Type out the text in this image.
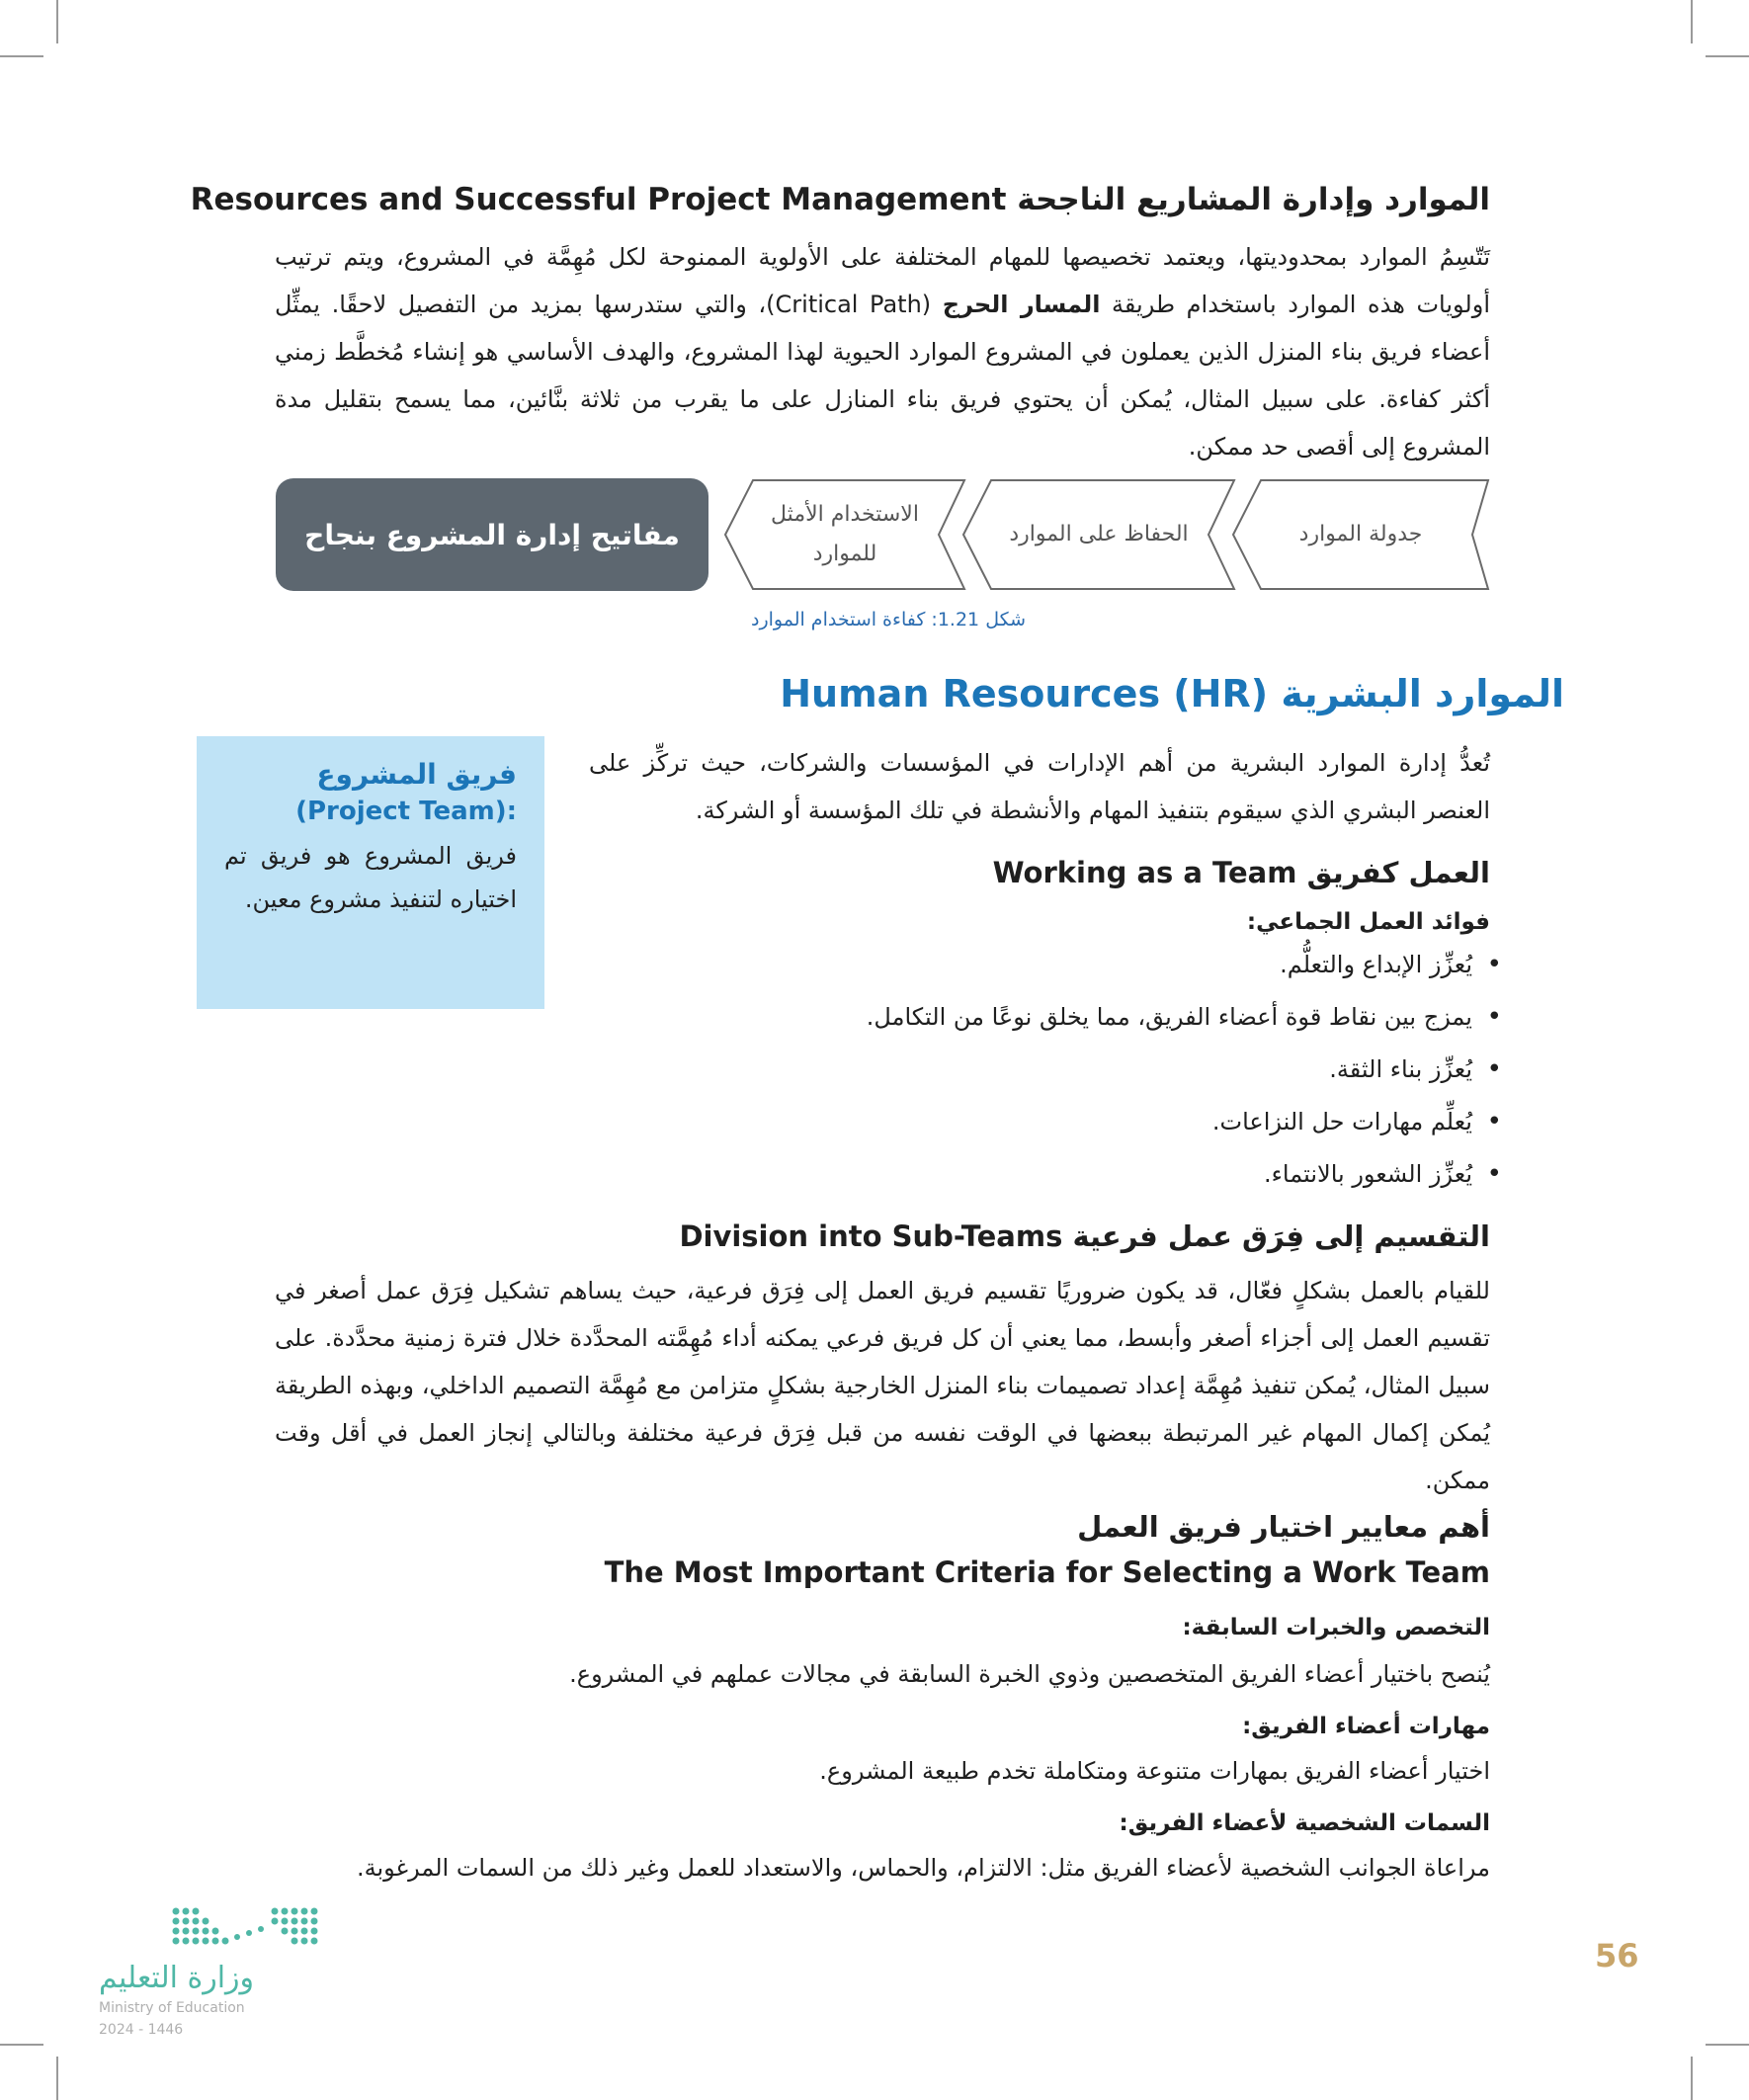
الموارد وإدارة المشاريع الناجحة Resources and Successful Project Management
تَتّسِمُ الموارد بمحدوديتها، ويعتمد تخصيصها للمهام المختلفة على الأولوية الممنوحة لكل مُهِمَّة في المشروع، ويتم ترتيب أولويات هذه الموارد باستخدام طريقة المسار الحرج (Critical Path)، والتي ستدرسها بمزيد من التفصيل لاحقًا. يمثِّل أعضاء فريق بناء المنزل الذين يعملون في المشروع الموارد الحيوية لهذا المشروع، والهدف الأساسي هو إنشاء مُخطَّط زمني أكثر كفاءة. على سبيل المثال، يُمكن أن يحتوي فريق بناء المنازل على ما يقرب من ثلاثة بنَّائين، مما يسمح بتقليل مدة المشروع إلى أقصى حد ممكن.
جدولة الموارد
الحفاظ على الموارد
الاستخدام الأمثل للموارد
مفاتيح إدارة المشروع بنجاح
شكل 1.21: كفاءة استخدام الموارد
الموارد البشرية Human Resources (HR)
تُعدُّ إدارة الموارد البشرية من أهم الإدارات في المؤسسات والشركات، حيث تركِّز على العنصر البشري الذي سيقوم بتنفيذ المهام والأنشطة في تلك المؤسسة أو الشركة.
فريق المشروع
(Project Team):
فريق المشروع هو فريق تم اختياره لتنفيذ مشروع معين.
العمل كفريق Working as a Team
فوائد العمل الجماعي:
• يُعزِّز الإبداع والتعلُّم.
• يمزج بين نقاط قوة أعضاء الفريق، مما يخلق نوعًا من التكامل.
• يُعزِّز بناء الثقة.
• يُعلِّم مهارات حل النزاعات.
• يُعزِّز الشعور بالانتماء.
التقسيم إلى فِرَق عمل فرعية Division into Sub-Teams
للقيام بالعمل بشكلٍ فعّال، قد يكون ضروريًا تقسيم فريق العمل إلى فِرَق فرعية، حيث يساهم تشكيل فِرَق عمل أصغر في تقسيم العمل إلى أجزاء أصغر وأبسط، مما يعني أن كل فريق فرعي يمكنه أداء مُهِمَّته المحدَّدة خلال فترة زمنية محدَّدة. على سبيل المثال، يُمكن تنفيذ مُهِمَّة إعداد تصميمات بناء المنزل الخارجية بشكلٍ متزامن مع مُهِمَّة التصميم الداخلي، وبهذه الطريقة يُمكن إكمال المهام غير المرتبطة ببعضها في الوقت نفسه من قبل فِرَق فرعية مختلفة وبالتالي إنجاز العمل في أقل وقت ممكن.
أهم معايير اختيار فريق العمل
The Most Important Criteria for Selecting a Work Team
التخصص والخبرات السابقة:
يُنصح باختيار أعضاء الفريق المتخصصين وذوي الخبرة السابقة في مجالات عملهم في المشروع.
مهارات أعضاء الفريق:
اختيار أعضاء الفريق بمهارات متنوعة ومتكاملة تخدم طبيعة المشروع.
السمات الشخصية لأعضاء الفريق:
مراعاة الجوانب الشخصية لأعضاء الفريق مثل: الالتزام، والحماس، والاستعداد للعمل وغير ذلك من السمات المرغوبة.
56
وزارة التعليم
Ministry of Education
2024 - 1446
